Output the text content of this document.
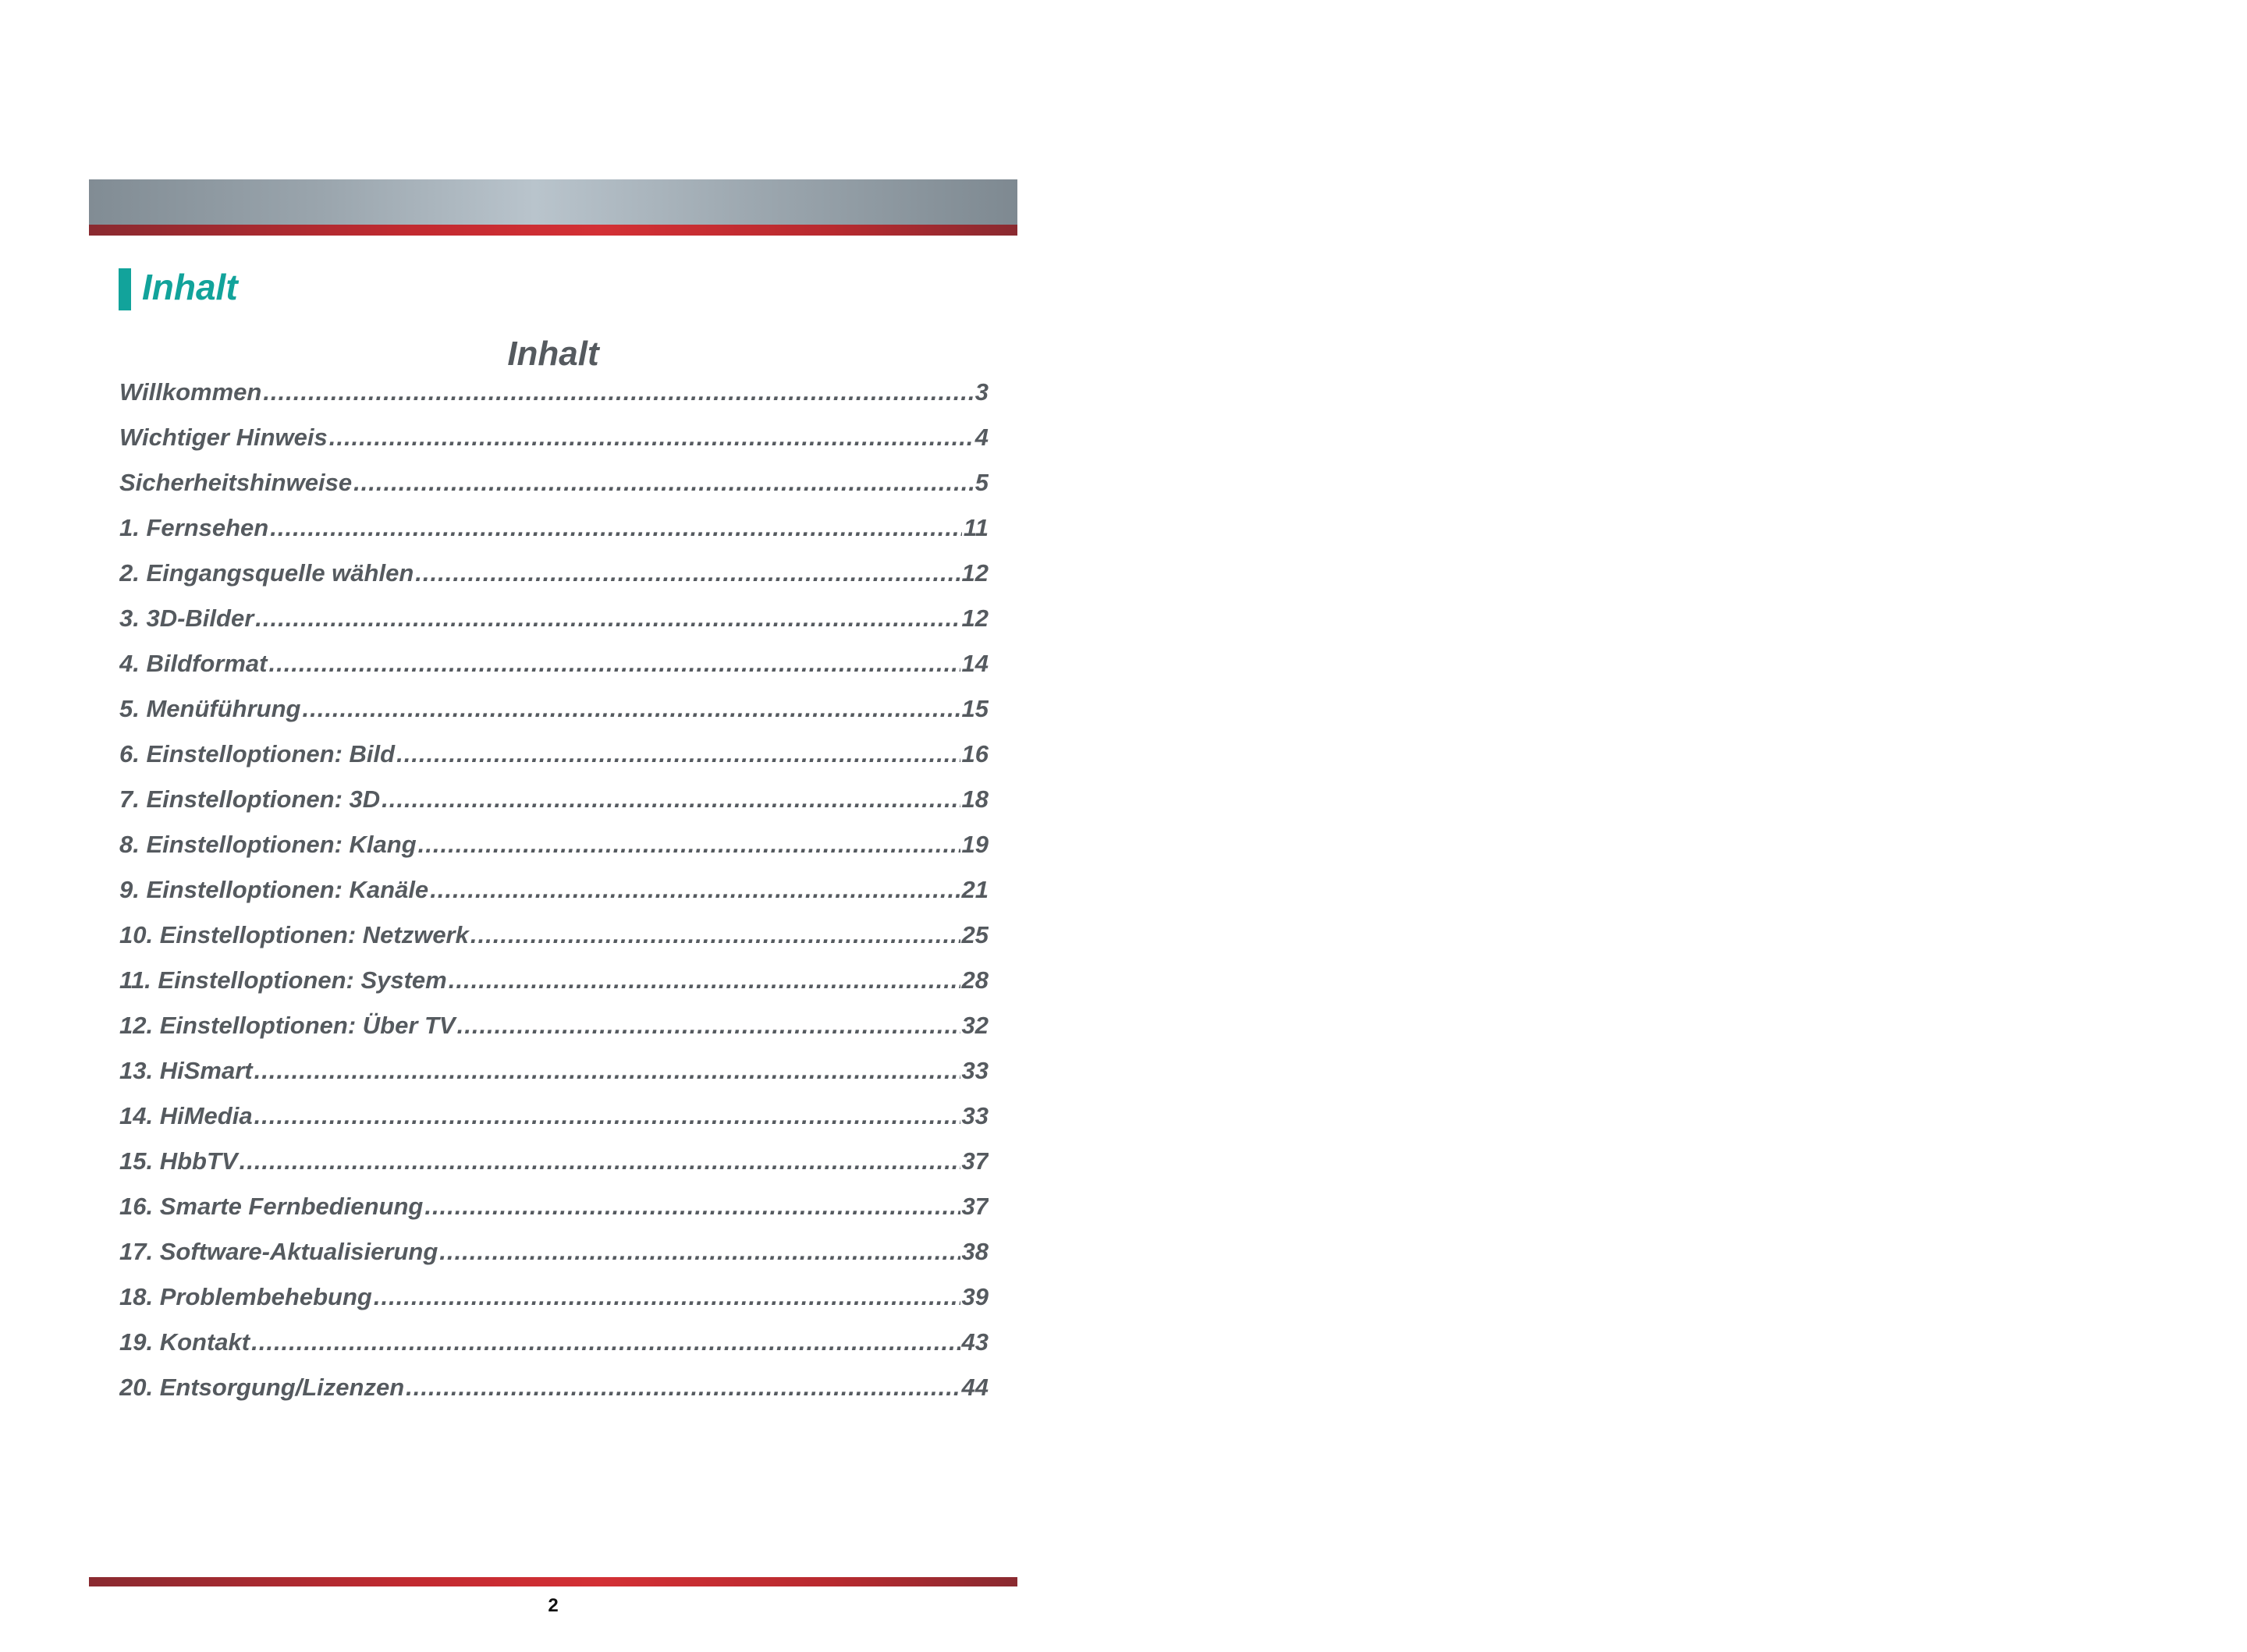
Inhalt
Inhalt
Willkommen .....	3
Wichtiger Hinweis .....	4
Sicherheitshinweise .....	5
1. Fernsehen .....	11
2. Eingangsquelle wählen .....	12
3. 3D-Bilder .....	12
4. Bildformat .....	14
5. Menüführung .....	15
6. Einstelloptionen: Bild .....	16
7. Einstelloptionen: 3D .....	18
8. Einstelloptionen: Klang .....	19
9. Einstelloptionen: Kanäle .....	21
10. Einstelloptionen: Netzwerk .....	25
11. Einstelloptionen: System .....	28
12. Einstelloptionen: Über TV .....	32
13. HiSmart .....	33
14. HiMedia .....	33
15. HbbTV .....	37
16. Smarte Fernbedienung .....	37
17. Software-Aktualisierung .....	38
18. Problembehebung .....	39
19. Kontakt .....	43
20. Entsorgung/Lizenzen .....	44
2
